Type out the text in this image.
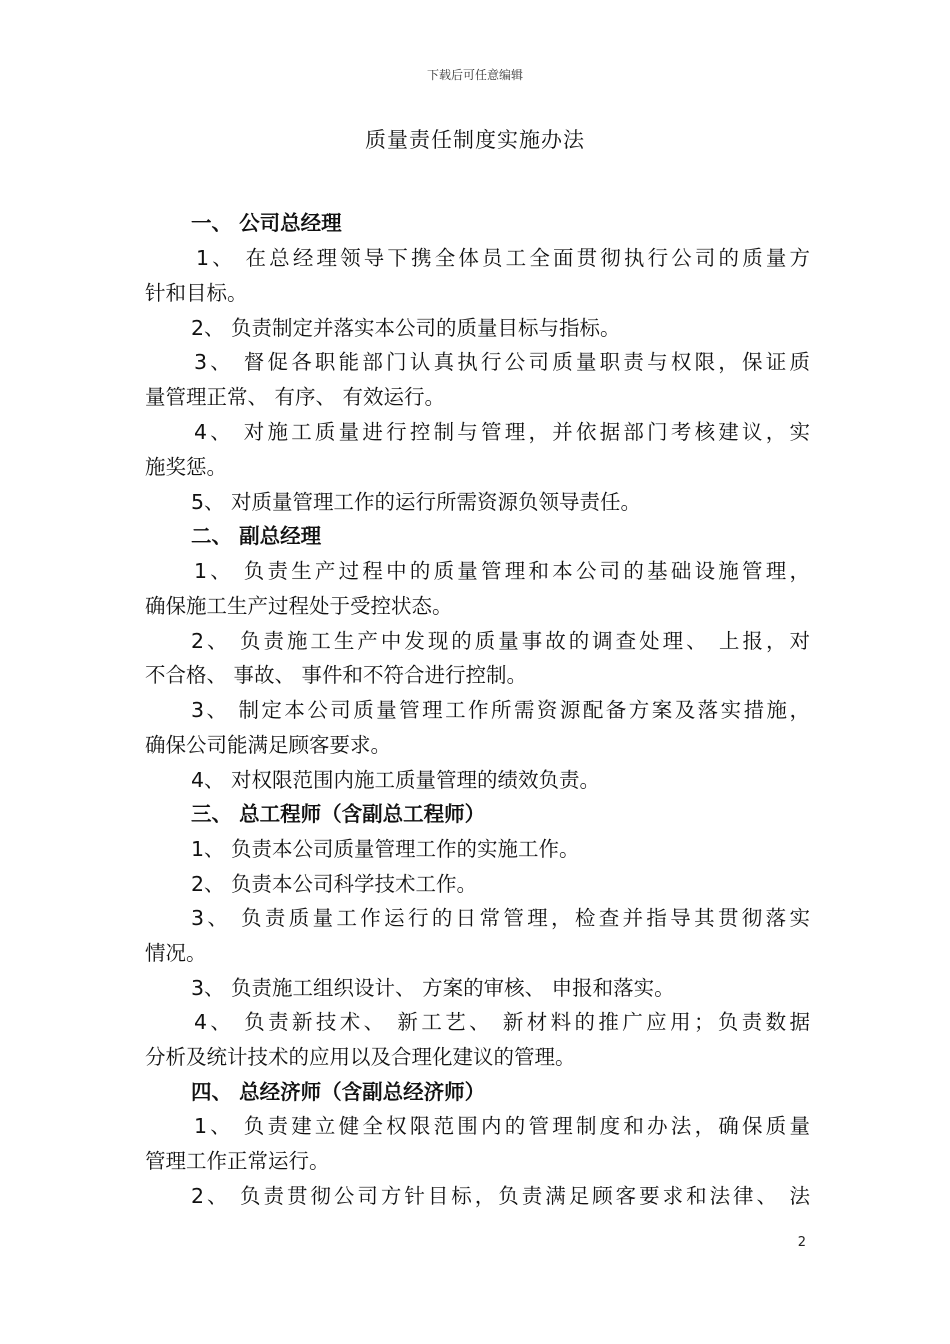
下载后可任意编辑
质量责任制度实施办法
一、 公司总经理
1、 在总经理领导下携全体员工全面贯彻执行公司的质量方
针和目标。
2、 负责制定并落实本公司的质量目标与指标。
3、 督促各职能部门认真执行公司质量职责与权限，保证质
量管理正常、 有序、 有效运行。
4、 对施工质量进行控制与管理，并依据部门考核建议，实
施奖惩。
5、 对质量管理工作的运行所需资源负领导责任。
二、 副总经理
1、 负责生产过程中的质量管理和本公司的基础设施管理，
确保施工生产过程处于受控状态。
2、 负责施工生产中发现的质量事故的调查处理、 上报，对
不合格、 事故、 事件和不符合进行控制。
3、 制定本公司质量管理工作所需资源配备方案及落实措施，
确保公司能满足顾客要求。
4、 对权限范围内施工质量管理的绩效负责。
三、 总工程师（含副总工程师）
1、 负责本公司质量管理工作的实施工作。
2、 负责本公司科学技术工作。
3、 负责质量工作运行的日常管理，检查并指导其贯彻落实
情况。
3、 负责施工组织设计、 方案的审核、 申报和落实。
4、 负责新技术、 新工艺、 新材料的推广应用；负责数据
分析及统计技术的应用以及合理化建议的管理。
四、 总经济师（含副总经济师）
1、 负责建立健全权限范围内的管理制度和办法，确保质量
管理工作正常运行。
2、 负责贯彻公司方针目标，负责满足顾客要求和法律、 法
2
